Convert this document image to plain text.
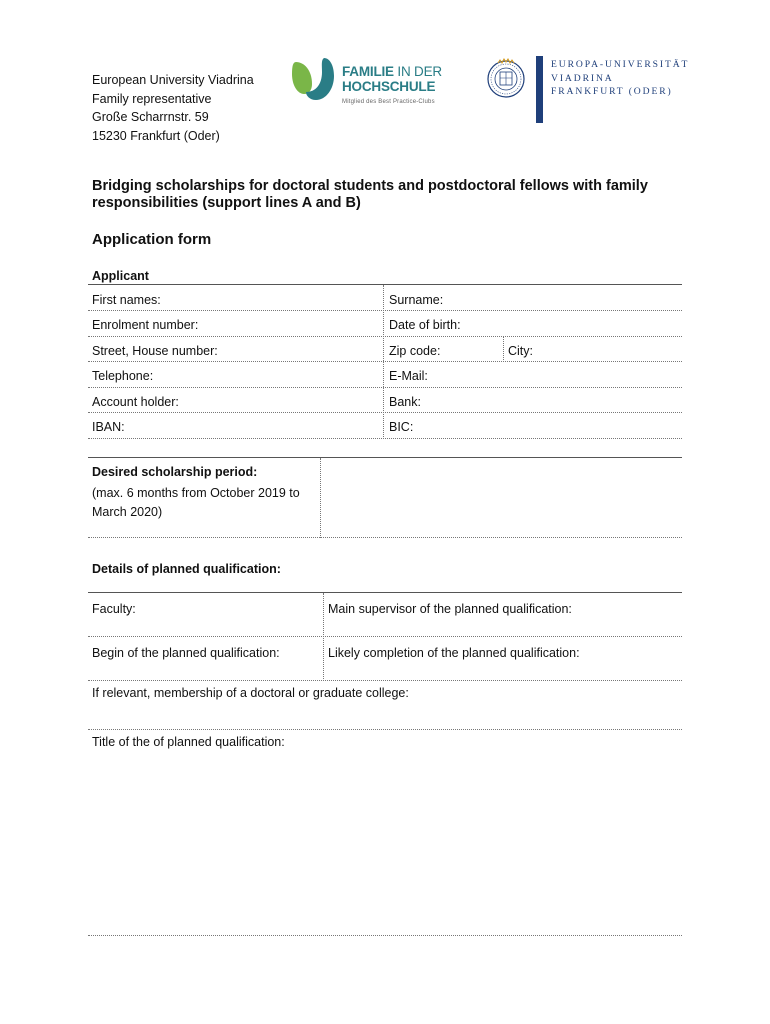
European University Viadrina
Family representative
Große Scharrnstr. 59
15230 Frankfurt (Oder)
FAMILIE IN DER
HOCHSCHULE
Mitglied des Best Practice-Clubs
EUROPA-UNIVERSITÄT
VIADRINA
FRANKFURT (ODER)
Bridging scholarships for doctoral students and postdoctoral fellows with family responsibilities (support lines A and B)
Application form
Applicant
First names:	Surname:
Enrolment number:	Date of birth:
Street, House number:	Zip code:	City:
Telephone:	E-Mail:
Account holder:	Bank:
IBAN:	BIC:
Desired scholarship period:
(max. 6 months from October 2019 to March 2020)
Details of planned qualification:
Faculty:	Main supervisor of the planned qualification:
Begin of the planned qualification:	Likely completion of the planned qualification:
If relevant, membership of a doctoral or graduate college:
Title of the of planned qualification:
